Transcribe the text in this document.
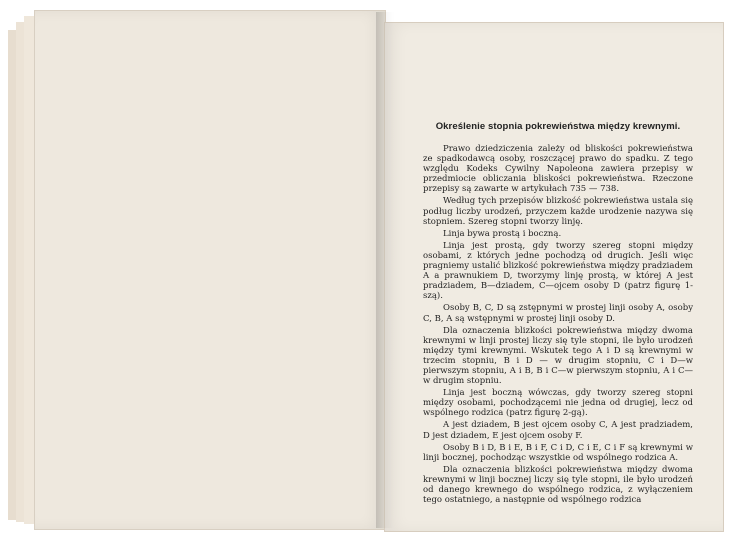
Określenie stopnia pokrewieństwa między krewnymi.

Prawo dziedziczenia zależy od bliskości pokrewieństwa ze spadkodawcą osoby, roszczącej prawo do spadku. Z tego względu Kodeks Cywilny Napoleona zawiera przepisy w przedmiocie obliczania bliskości pokrewieństwa. Rzeczone przepisy są zawarte w artykułach 735 — 738.

Według tych przepisów blizkość pokrewieństwa ustala się podług liczby urodzeń, przyczem każde urodzenie nazywa się stopniem. Szereg stopni tworzy linję.

Linja bywa prostą i boczną.

Linja jest prostą, gdy tworzy szereg stopni między osobami, z których jedne pochodzą od drugich. Jeśli więc pragniemy ustalić blizkość pokrewieństwa między pradziadem A a prawnukiem D, tworzymy linję prostą, w której A jest pradziadem, B—dziadem, C—ojcem osoby D (patrz figurę 1-szą).

Osoby B, C, D są zstępnymi w prostej linji osoby A, osoby C, B, A są wstępnymi w prostej linji osoby D.

Dla oznaczenia blizkości pokrewieństwa między dwoma krewnymi w linji prostej liczy się tyle stopni, ile było urodzeń między tymi krewnymi. Wskutek tego A i D są krewnymi w trzecim stopniu, B i D — w drugim stopniu, C i D—w pierwszym stopniu, A i B, B i C—w pierwszym stopniu, A i C—w drugim stopniu.

Linja jest boczną wówczas, gdy tworzy szereg stopni między osobami, pochodzącemi nie jedna od drugiej, lecz od wspólnego rodzica (patrz figurę 2-gą).

A jest dziadem, B jest ojcem osoby C, A jest pradziadem, D jest dziadem, E jest ojcem osoby F.

Osoby B i D, B i E, B i F, C i D, C i E, C i F są krewnymi w linji bocznej, pochodząc wszystkie od wspólnego rodzica A.

Dla oznaczenia blizkości pokrewieństwa między dwoma krewnymi w linji bocznej liczy się tyle stopni, ile było urodzeń od danego krewnego do wspólnego rodzica, z wyłączeniem tego ostatniego, a następnie od wspólnego rodzica
